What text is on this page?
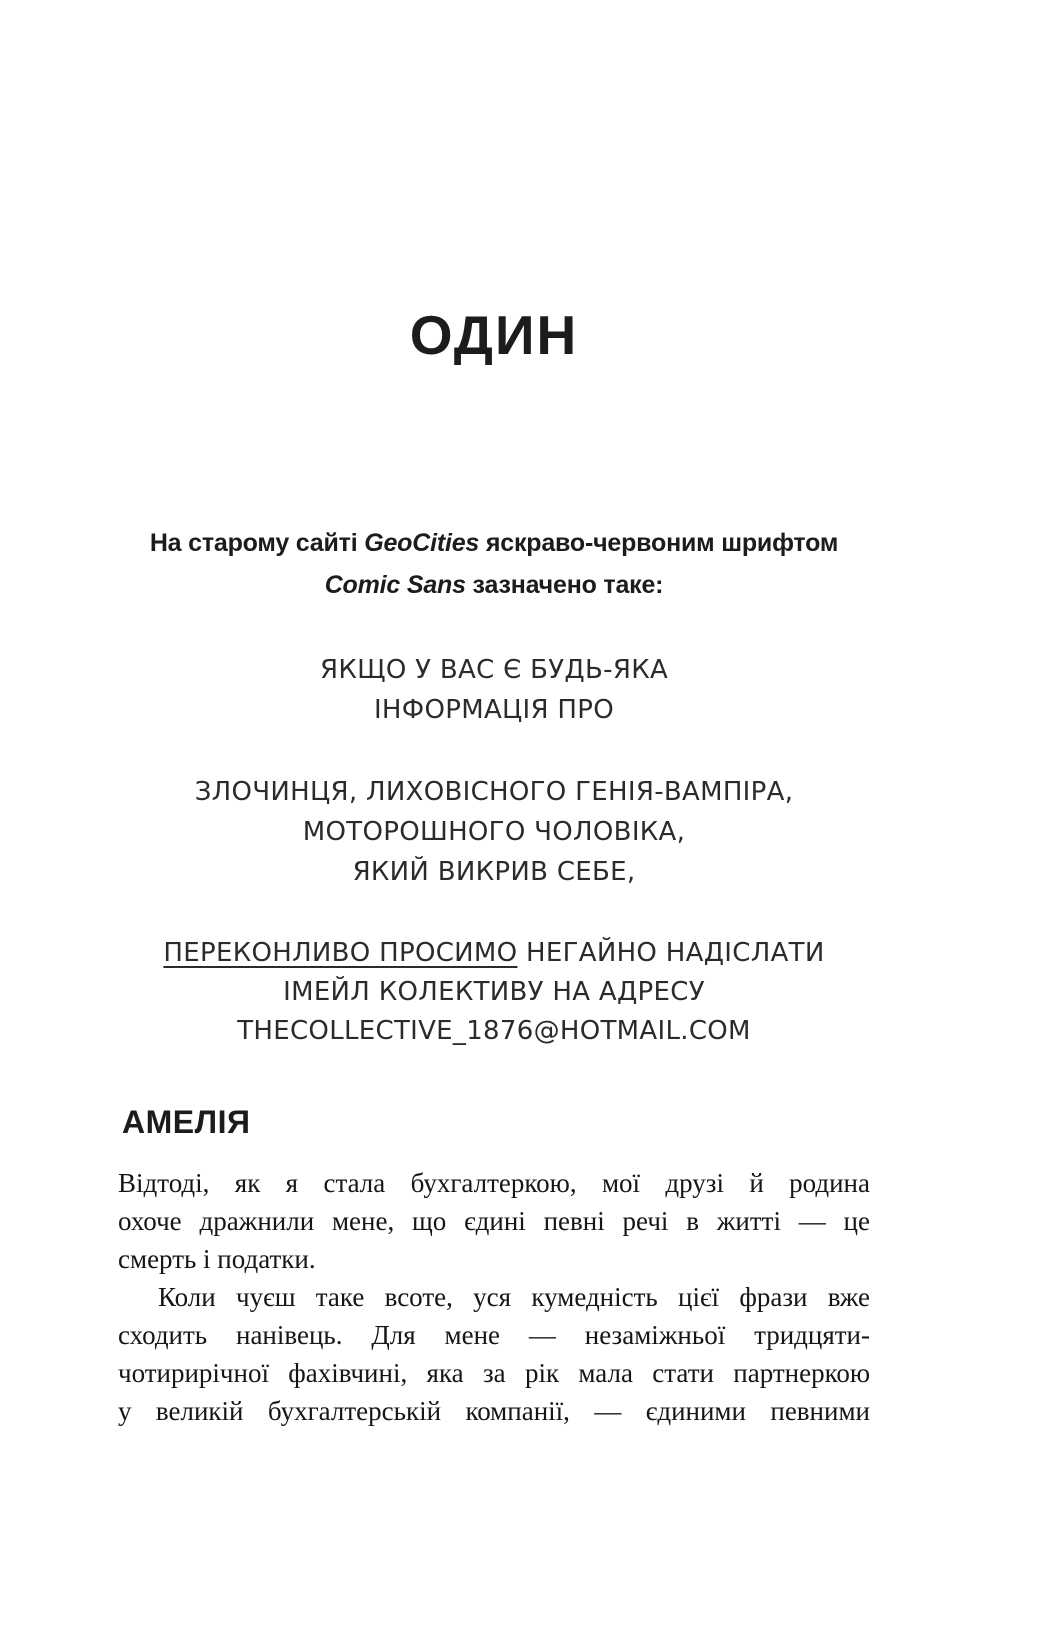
ОДИН
На старому сайті GeoCities яскраво-червоним шрифтом
Comic Sans зазначено таке:
ЯКЩО У ВАС Є БУДЬ-ЯКА
ІНФОРМАЦІЯ ПРО
ЗЛОЧИНЦЯ, ЛИХОВІСНОГО ГЕНІЯ-ВАМПІРА,
МОТОРОШНОГО ЧОЛОВІКА,
ЯКИЙ ВИКРИВ СЕБЕ,
ПЕРЕКОНЛИВО ПРОСИМО НЕГАЙНО НАДІСЛАТИ
ІМЕЙЛ КОЛЕКТИВУ НА АДРЕСУ
THECOLLECTIVE_1876@HOTMAIL.COM
АМЕЛІЯ
Відтоді, як я стала бухгалтеркою, мої друзі й родина
охоче дражнили мене, що єдині певні речі в житті — це
смерть і податки.
Коли чуєш таке всоте, уся кумедність цієї фрази вже
сходить нанівець. Для мене — незаміжньої тридцяти-
чотирирічної фахівчині, яка за рік мала стати партнеркою
у великій бухгалтерській компанії, — єдиними певними
